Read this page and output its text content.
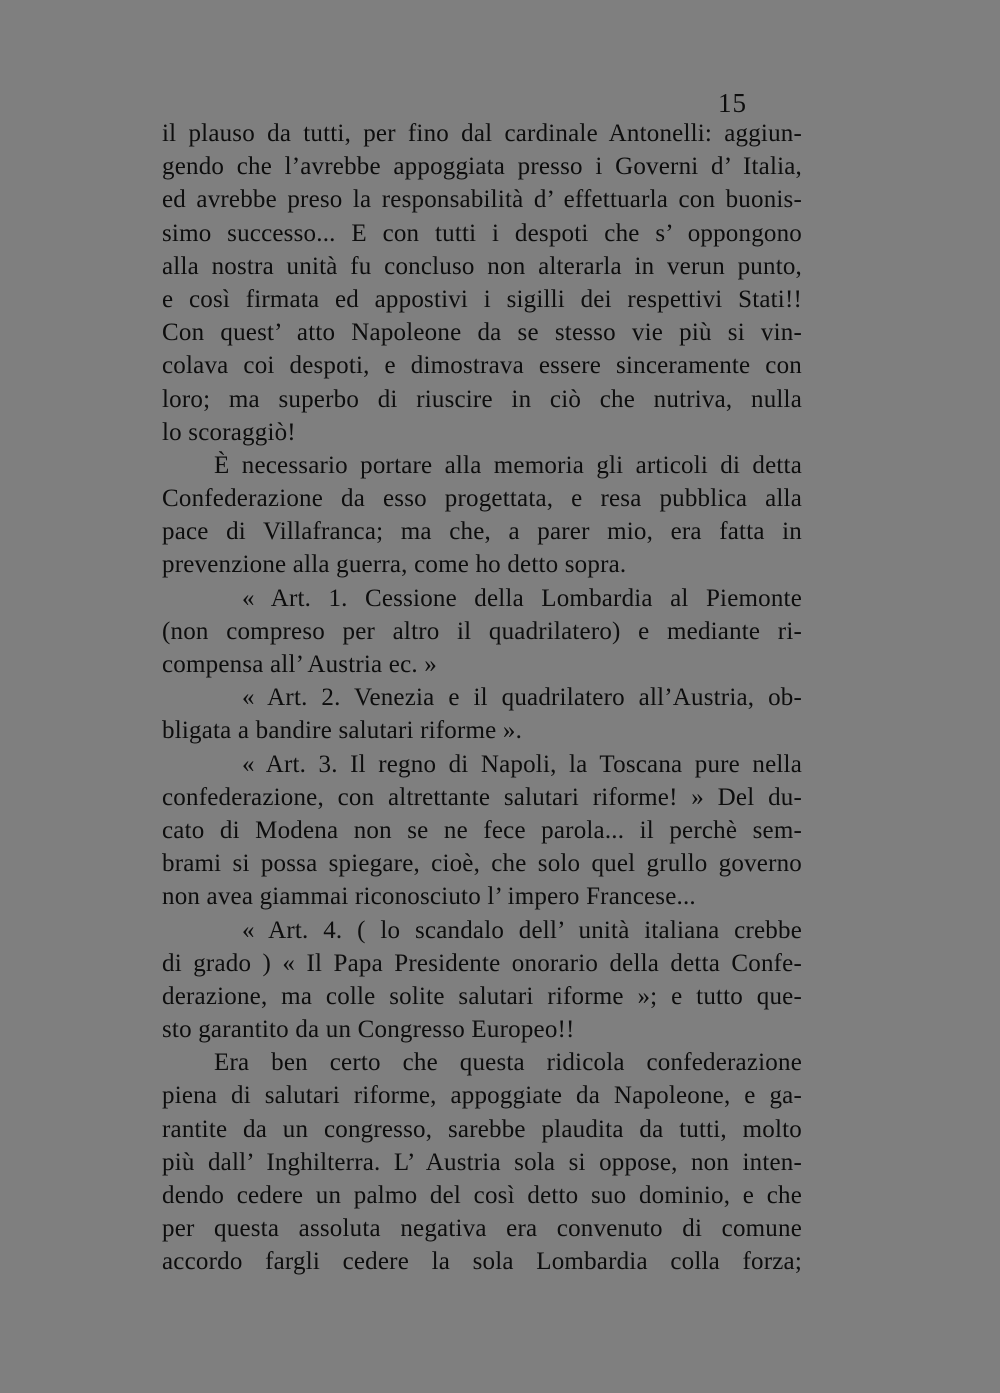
15
il plauso da tutti, per fino dal cardinale Antonelli: aggiun-
gendo che l’avrebbe appoggiata presso i Governi d’ Italia,
ed avrebbe preso la responsabilità d’ effettuarla con buonis-
simo successo... E con tutti i despoti che s’ oppongono
alla nostra unità fu concluso non alterarla in verun punto,
e così firmata ed appostivi i sigilli dei respettivi Stati!!
Con quest’ atto Napoleone da se stesso vie più si vin-
colava coi despoti, e dimostrava essere sinceramente con
loro; ma superbo di riuscire in ciò che nutriva, nulla
lo scoraggiò!
È necessario portare alla memoria gli articoli di detta
Confederazione da esso progettata, e resa pubblica alla
pace di Villafranca; ma che, a parer mio, era fatta in
prevenzione alla guerra, come ho detto sopra.
« Art. 1. Cessione della Lombardia al Piemonte
(non compreso per altro il quadrilatero) e mediante ri-
compensa all’ Austria ec. »
« Art. 2. Venezia e il quadrilatero all’Austria, ob-
bligata a bandire salutari riforme ».
« Art. 3. Il regno di Napoli, la Toscana pure nella
confederazione, con altrettante salutari riforme! » Del du-
cato di Modena non se ne fece parola... il perchè sem-
brami si possa spiegare, cioè, che solo quel grullo governo
non avea giammai riconosciuto l’ impero Francese...
« Art. 4. ( lo scandalo dell’ unità italiana crebbe
di grado ) « Il Papa Presidente onorario della detta Confe-
derazione, ma colle solite salutari riforme »; e tutto que-
sto garantito da un Congresso Europeo!!
Era ben certo che questa ridicola confederazione
piena di salutari riforme, appoggiate da Napoleone, e ga-
rantite da un congresso, sarebbe plaudita da tutti, molto
più dall’ Inghilterra. L’ Austria sola si oppose, non inten-
dendo cedere un palmo del così detto suo dominio, e che
per questa assoluta negativa era convenuto di comune
accordo fargli cedere la sola Lombardia colla forza;
